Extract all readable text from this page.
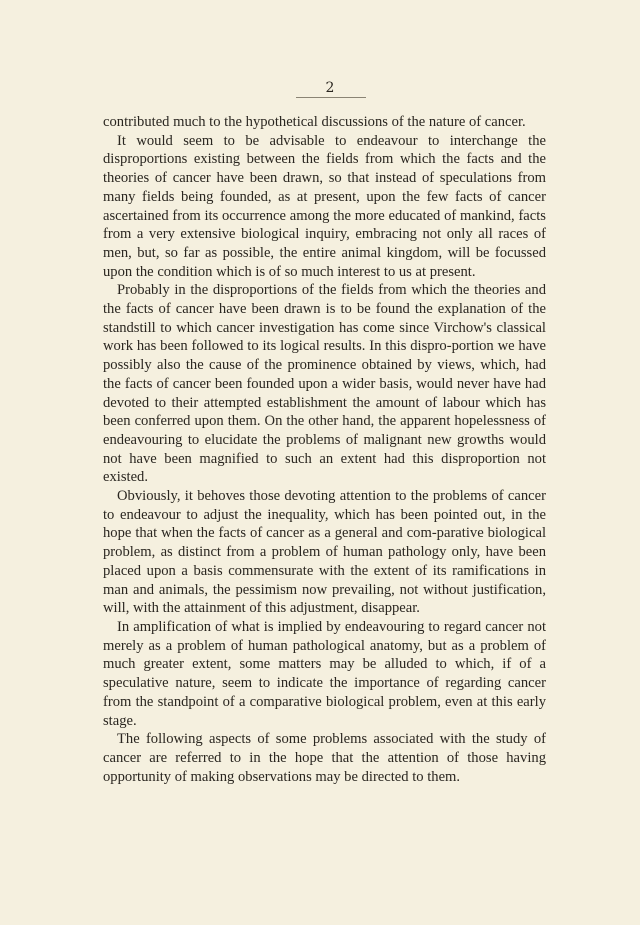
2

contributed much to the hypothetical discussions of the nature of cancer.

It would seem to be advisable to endeavour to interchange the disproportions existing between the fields from which the facts and the theories of cancer have been drawn, so that instead of speculations from many fields being founded, as at present, upon the few facts of cancer ascertained from its occurrence among the more educated of mankind, facts from a very extensive biological inquiry, embracing not only all races of men, but, so far as possible, the entire animal kingdom, will be focussed upon the condition which is of so much interest to us at present.

Probably in the disproportions of the fields from which the theories and the facts of cancer have been drawn is to be found the explanation of the standstill to which cancer investigation has come since Virchow's classical work has been followed to its logical results. In this dispro-portion we have possibly also the cause of the prominence obtained by views, which, had the facts of cancer been founded upon a wider basis, would never have had devoted to their attempted establishment the amount of labour which has been conferred upon them. On the other hand, the apparent hopelessness of endeavouring to elucidate the problems of malignant new growths would not have been magnified to such an extent had this disproportion not existed.

Obviously, it behoves those devoting attention to the problems of cancer to endeavour to adjust the inequality, which has been pointed out, in the hope that when the facts of cancer as a general and com-parative biological problem, as distinct from a problem of human pathology only, have been placed upon a basis commensurate with the extent of its ramifications in man and animals, the pessimism now prevailing, not without justification, will, with the attainment of this adjustment, disappear.

In amplification of what is implied by endeavouring to regard cancer not merely as a problem of human pathological anatomy, but as a problem of much greater extent, some matters may be alluded to which, if of a speculative nature, seem to indicate the importance of regarding cancer from the standpoint of a comparative biological problem, even at this early stage.

The following aspects of some problems associated with the study of cancer are referred to in the hope that the attention of those having opportunity of making observations may be directed to them.
